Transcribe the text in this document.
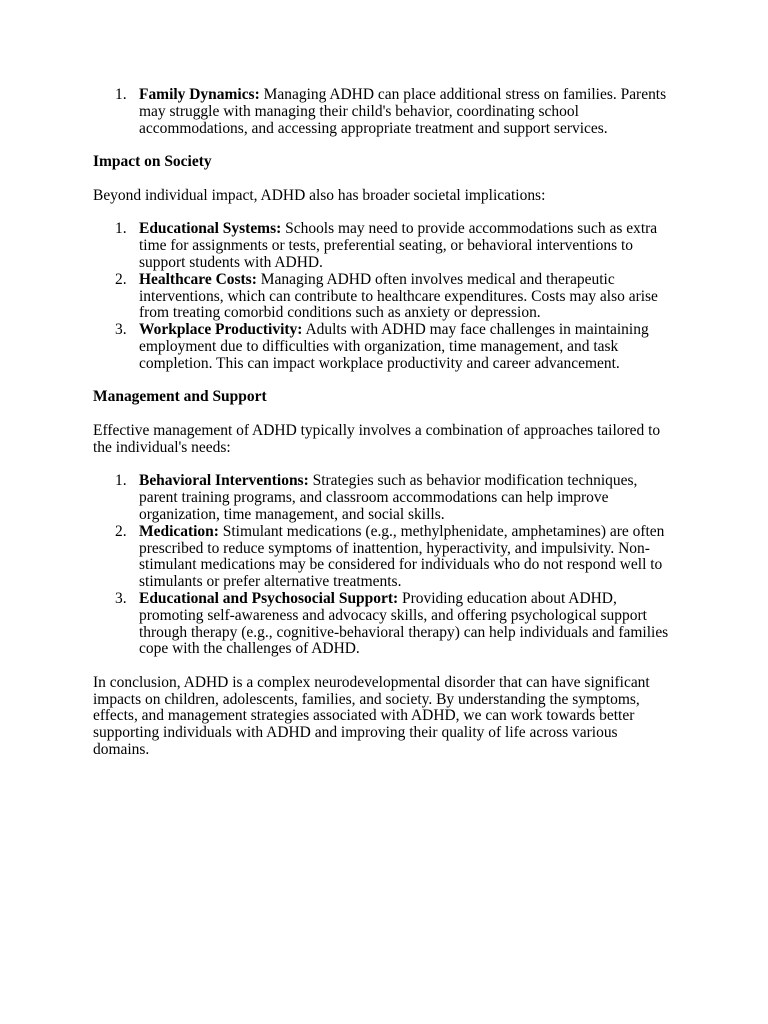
1. Family Dynamics: Managing ADHD can place additional stress on families. Parents may struggle with managing their child's behavior, coordinating school accommodations, and accessing appropriate treatment and support services.

Impact on Society

Beyond individual impact, ADHD also has broader societal implications:

1. Educational Systems: Schools may need to provide accommodations such as extra time for assignments or tests, preferential seating, or behavioral interventions to support students with ADHD.
2. Healthcare Costs: Managing ADHD often involves medical and therapeutic interventions, which can contribute to healthcare expenditures. Costs may also arise from treating comorbid conditions such as anxiety or depression.
3. Workplace Productivity: Adults with ADHD may face challenges in maintaining employment due to difficulties with organization, time management, and task completion. This can impact workplace productivity and career advancement.

Management and Support

Effective management of ADHD typically involves a combination of approaches tailored to the individual's needs:

1. Behavioral Interventions: Strategies such as behavior modification techniques, parent training programs, and classroom accommodations can help improve organization, time management, and social skills.
2. Medication: Stimulant medications (e.g., methylphenidate, amphetamines) are often prescribed to reduce symptoms of inattention, hyperactivity, and impulsivity. Non-stimulant medications may be considered for individuals who do not respond well to stimulants or prefer alternative treatments.
3. Educational and Psychosocial Support: Providing education about ADHD, promoting self-awareness and advocacy skills, and offering psychological support through therapy (e.g., cognitive-behavioral therapy) can help individuals and families cope with the challenges of ADHD.

In conclusion, ADHD is a complex neurodevelopmental disorder that can have significant impacts on children, adolescents, families, and society. By understanding the symptoms, effects, and management strategies associated with ADHD, we can work towards better supporting individuals with ADHD and improving their quality of life across various domains.
